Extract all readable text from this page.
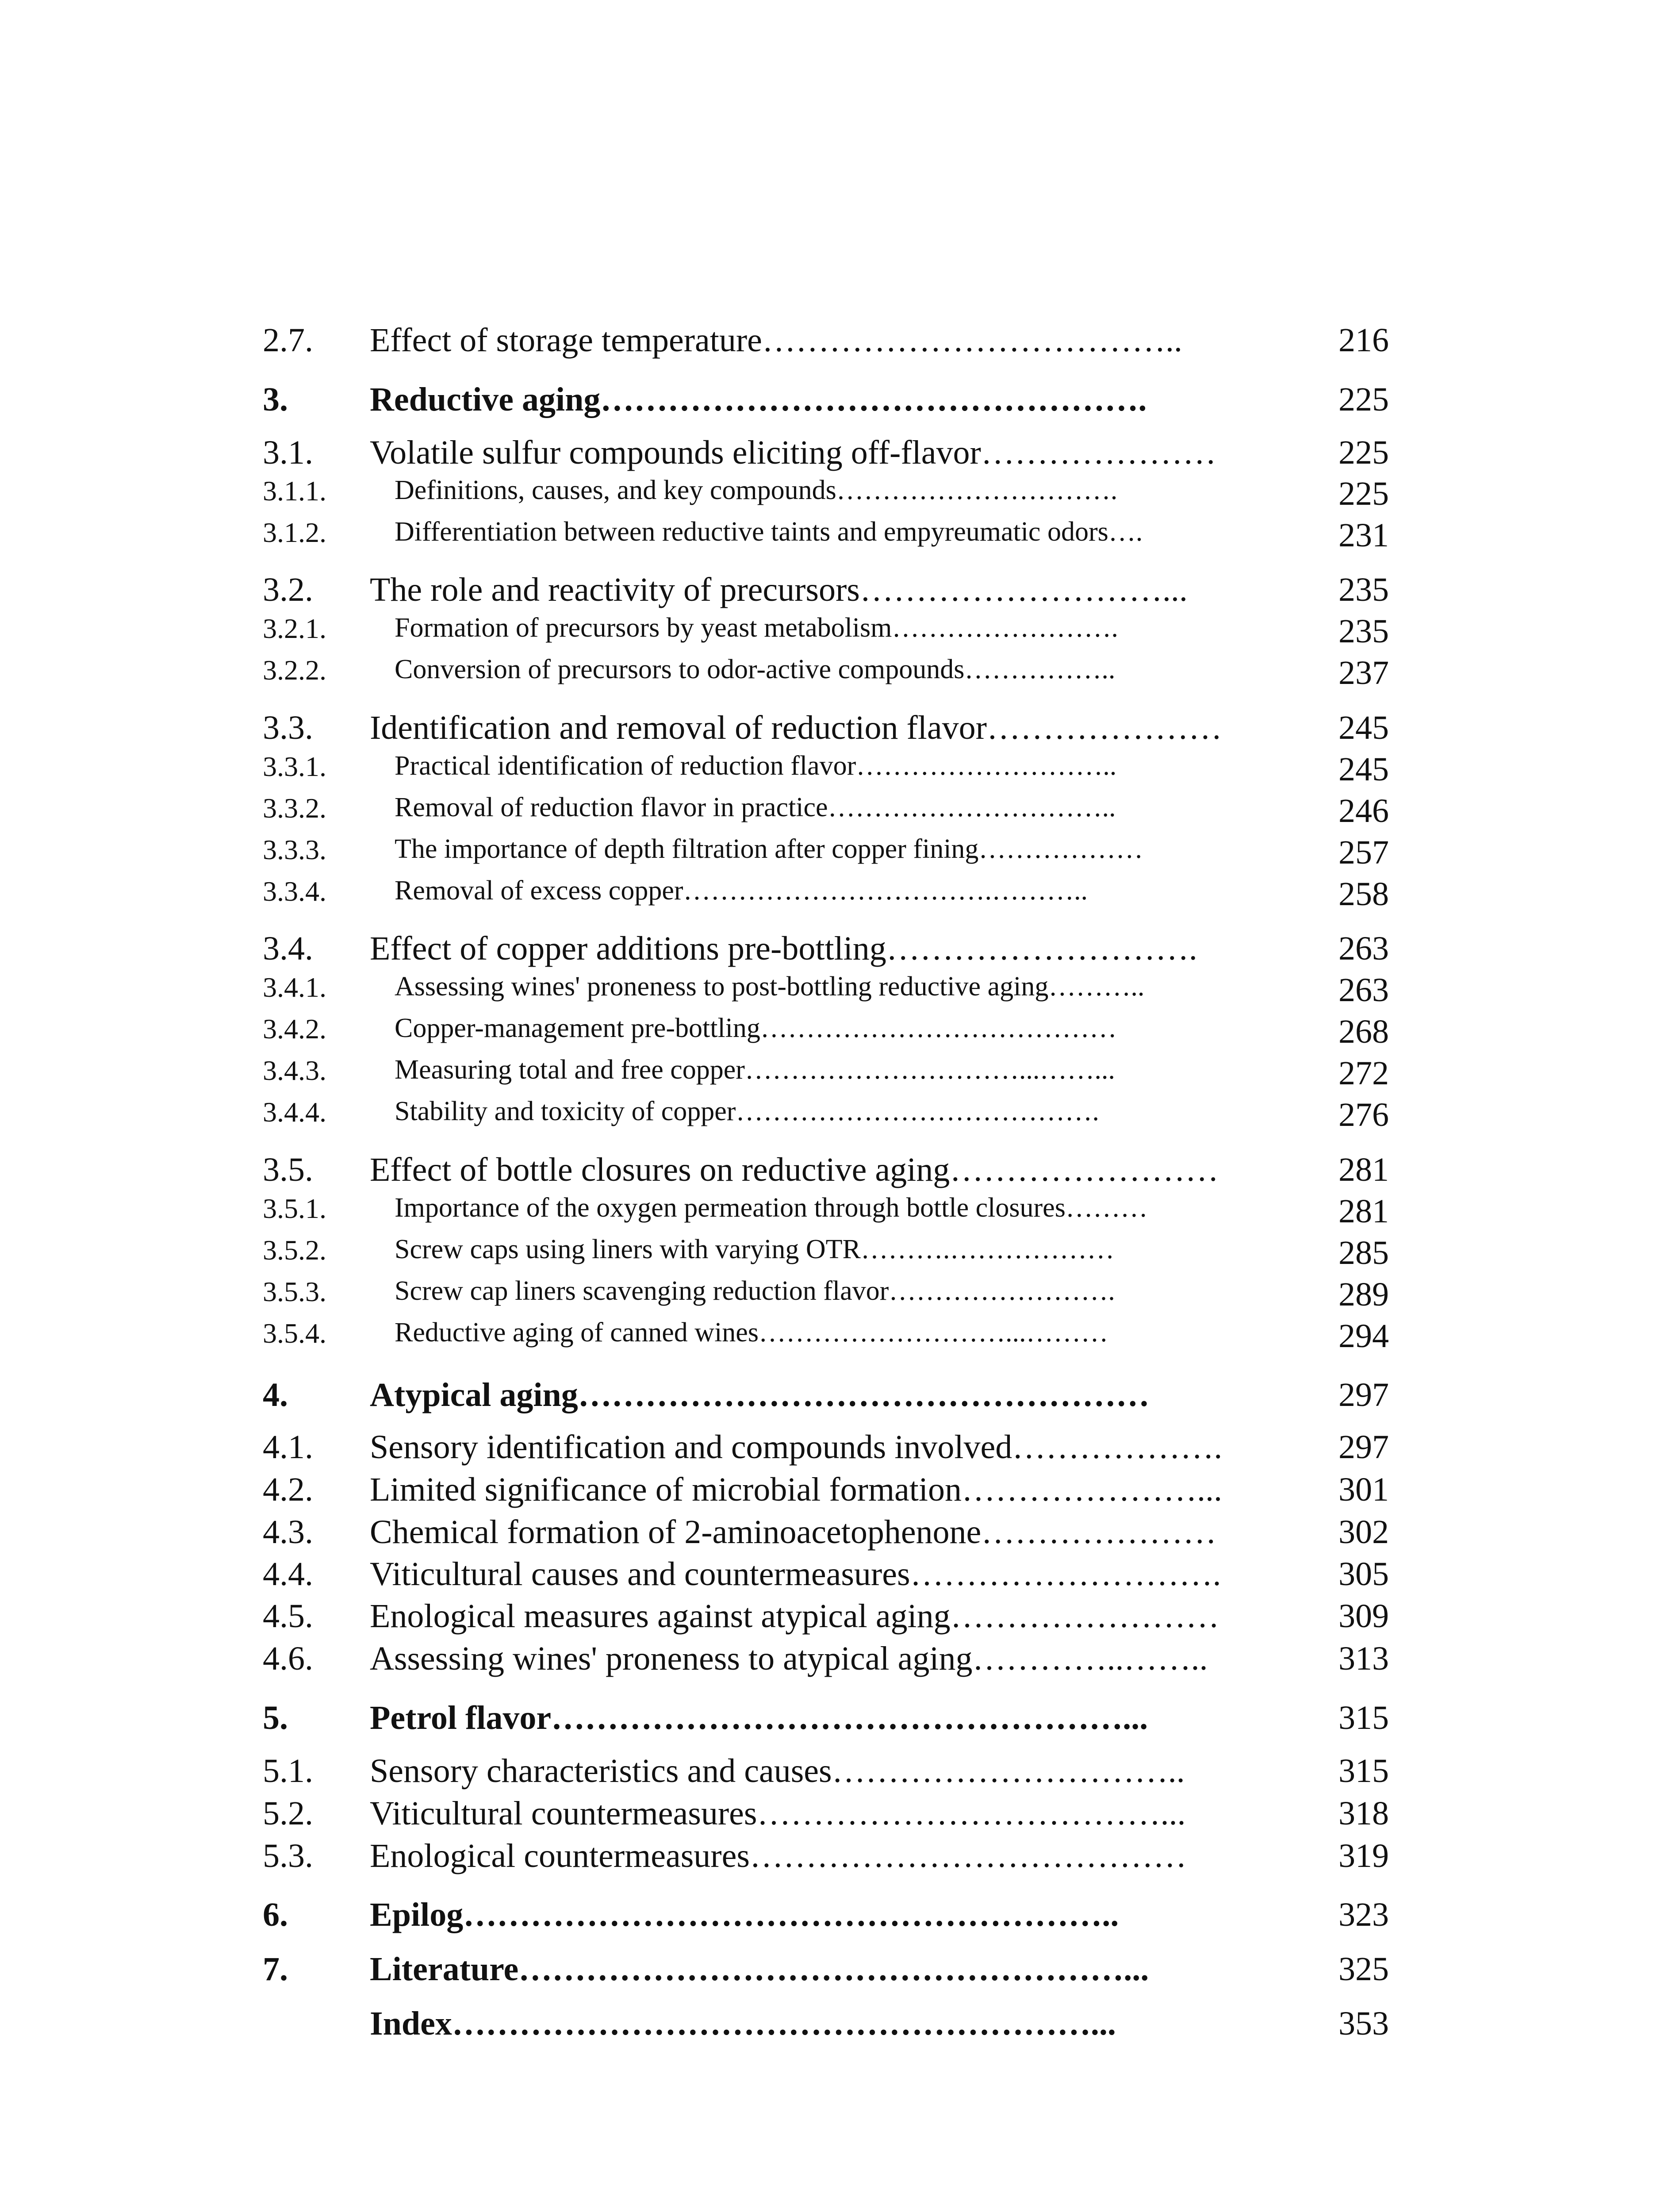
2.7. Effect of storage temperature………………………………..	216
3. Reductive aging………………………………………….	225
3.1. Volatile sulfur compounds eliciting off-flavor…………………	225
3.1.1. Definitions, causes, and key compounds………………………….	225
3.1.2. Differentiation between reductive taints and empyreumatic odors….	231
3.2. The role and reactivity of precursors………………………...	235
3.2.1. Formation of precursors by yeast metabolism…………………….	235
3.2.2. Conversion of precursors to odor-active compounds……………..	237
3.3. Identification and removal of reduction flavor…………………	245
3.3.1. Practical identification of reduction flavor………………………..	245
3.3.2. Removal of reduction flavor in practice…………………………..	246
3.3.3. The importance of depth filtration after copper fining………………	257
3.3.4. Removal of excess copper…………………………….………..	258
3.4. Effect of copper additions pre-bottling……………………….	263
3.4.1. Assessing wines' proneness to post-bottling reductive aging………..	263
3.4.2. Copper-management pre-bottling…………………………………	268
3.4.3. Measuring total and free copper…………………………...……...	272
3.4.4. Stability and toxicity of copper………………………………….	276
3.5. Effect of bottle closures on reductive aging……………………	281
3.5.1. Importance of the oxygen permeation through bottle closures………	281
3.5.2. Screw caps using liners with varying OTR……….………………	285
3.5.3. Screw cap liners scavenging reduction flavor…………………….	289
3.5.4. Reductive aging of canned wines………………………...………	294
4. Atypical aging……………………………………………	297
4.1. Sensory identification and compounds involved……………….	297
4.2. Limited significance of microbial formation…………………...	301
4.3. Chemical formation of 2-aminoacetophenone…………………	302
4.4. Viticultural causes and countermeasures……………………….	305
4.5. Enological measures against atypical aging……………………	309
4.6. Assessing wines' proneness to atypical aging…………..……..	313
5. Petrol flavor……………………………………………...	315
5.1. Sensory characteristics and causes…………………………..	315
5.2. Viticultural countermeasures………………………………...	318
5.3. Enological countermeasures…………………………………	319
6. Epilog…………………………………………………..	323
7. Literature………………………………………………...	325
Index…………………………………………………...	353
